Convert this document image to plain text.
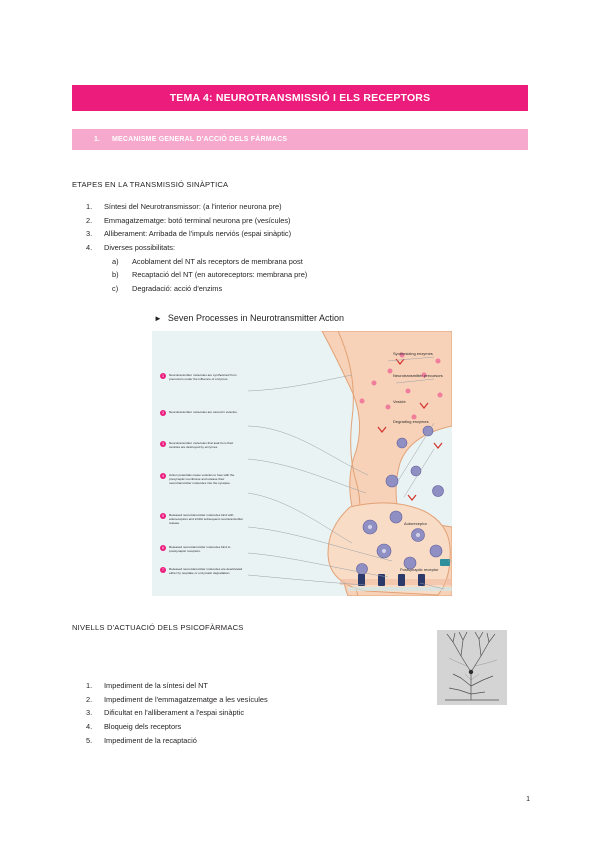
TEMA 4: NEUROTRANSMISSIÓ I ELS RECEPTORS
1.	MECANISME GENERAL D'ACCIÓ DELS FÀRMACS
ETAPES EN LA TRANSMISSIÓ SINÀPTICA
1. Síntesi del Neurotransmissor: (a l'interior neurona pre)
2. Emmagatzematge: botó terminal neurona pre (vesícules)
3. Alliberament: Arribada de l'impuls nerviós (espai sinàptic)
4. Diverses possibilitats:
a) Acoblament del NT als receptors de membrana post
b) Recaptació del NT (en autoreceptors: membrana pre)
c) Degradació: acció d'enzims
► Seven Processes in Neurotransmitter Action
1	Neurotransmitter molecules are synthesized from precursors under the influence of enzymes.
2	Neurotransmitter molecules are stored in vesicles.
3	Neurotransmitter molecules that leak from their vesicles are destroyed by enzymes.
4	Action potentials cause vesicles to fuse with the presynaptic membrane and release their neurotransmitter molecules into the synapse.
5	Released neurotransmitter molecules bind with autoreceptors and inhibit subsequent neurotransmitter release.
6	Released neurotransmitter molecules bind to postsynaptic receptors.
7	Released neurotransmitter molecules are deactivated either by reuptake or enzymatic degradation.
Synthesizing enzymes
Neurotransmitter precursors
Vesicle
Degrading enzymes
Autoreceptor
Postsynaptic receptor
NIVELLS D'ACTUACIÓ DELS PSICOFÀRMACS
1. Impediment de la síntesi del NT
2. Impediment de l'emmagatzematge a les vesícules
3. Dificultat en l'alliberament a l'espai sinàptic
4. Bloqueig dels receptors
5. Impediment de la recaptació
1
